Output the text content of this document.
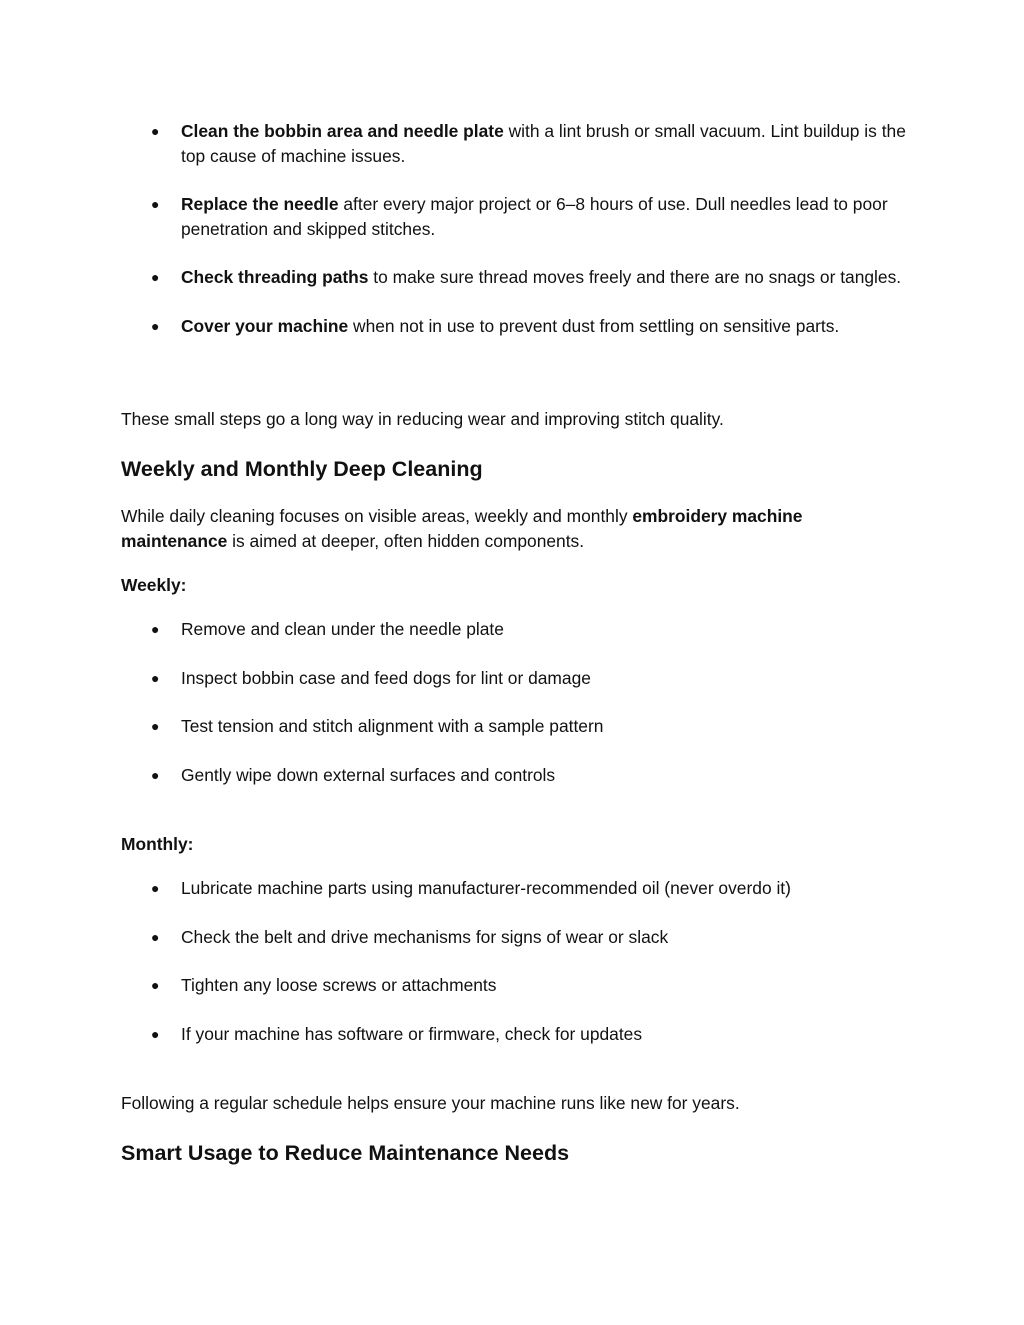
● Clean the bobbin area and needle plate with a lint brush or small vacuum. Lint buildup is the top cause of machine issues.
● Replace the needle after every major project or 6–8 hours of use. Dull needles lead to poor penetration and skipped stitches.
● Check threading paths to make sure thread moves freely and there are no snags or tangles.
● Cover your machine when not in use to prevent dust from settling on sensitive parts.

These small steps go a long way in reducing wear and improving stitch quality.

Weekly and Monthly Deep Cleaning

While daily cleaning focuses on visible areas, weekly and monthly embroidery machine maintenance is aimed at deeper, often hidden components.

Weekly:

● Remove and clean under the needle plate
● Inspect bobbin case and feed dogs for lint or damage
● Test tension and stitch alignment with a sample pattern
● Gently wipe down external surfaces and controls

Monthly:

● Lubricate machine parts using manufacturer-recommended oil (never overdo it)
● Check the belt and drive mechanisms for signs of wear or slack
● Tighten any loose screws or attachments
● If your machine has software or firmware, check for updates

Following a regular schedule helps ensure your machine runs like new for years.

Smart Usage to Reduce Maintenance Needs
